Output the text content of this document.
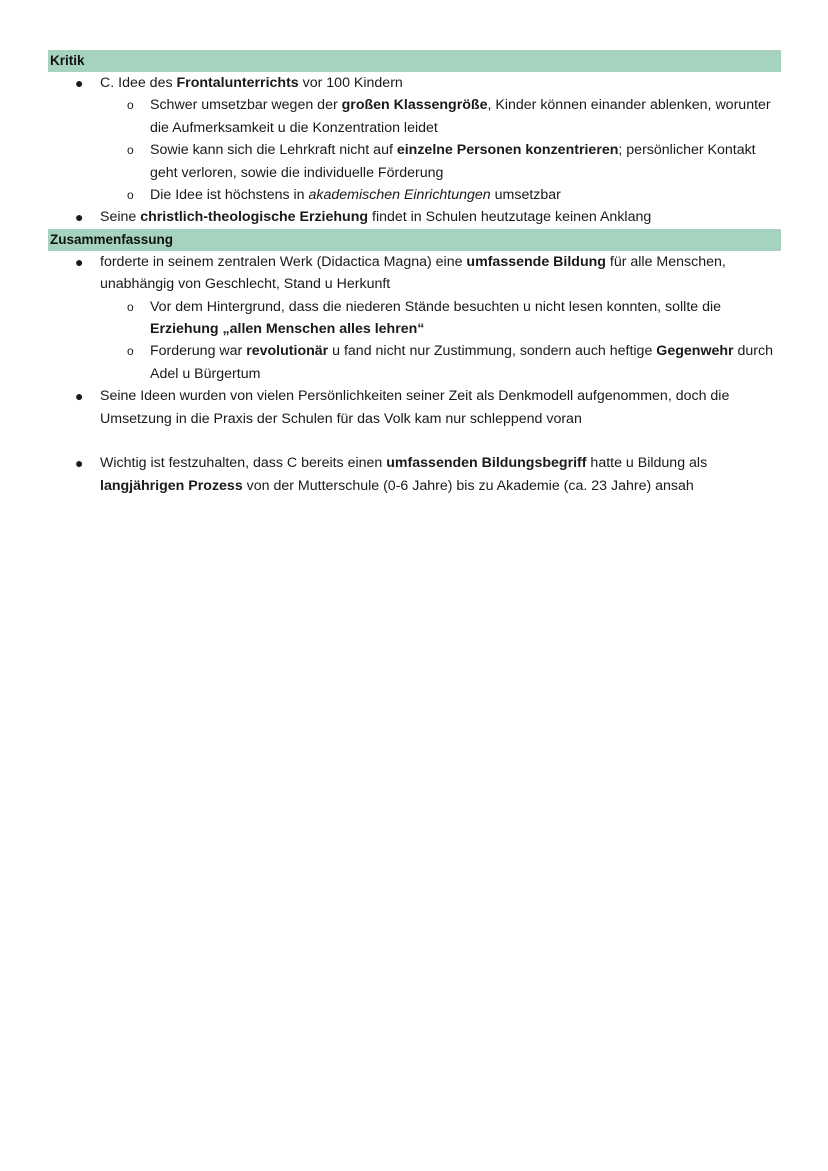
Kritik
● C. Idee des Frontalunterrichts vor 100 Kindern
o Schwer umsetzbar wegen der großen Klassengröße, Kinder können einander ablenken, worunter die Aufmerksamkeit u die Konzentration leidet
o Sowie kann sich die Lehrkraft nicht auf einzelne Personen konzentrieren; persönlicher Kontakt geht verloren, sowie die individuelle Förderung
o Die Idee ist höchstens in akademischen Einrichtungen umsetzbar
● Seine christlich-theologische Erziehung findet in Schulen heutzutage keinen Anklang
Zusammenfassung
● forderte in seinem zentralen Werk (Didactica Magna) eine umfassende Bildung für alle Menschen, unabhängig von Geschlecht, Stand u Herkunft
o Vor dem Hintergrund, dass die niederen Stände besuchten u nicht lesen konnten, sollte die Erziehung „allen Menschen alles lehren“
o Forderung war revolutionär u fand nicht nur Zustimmung, sondern auch heftige Gegenwehr durch Adel u Bürgertum
● Seine Ideen wurden von vielen Persönlichkeiten seiner Zeit als Denkmodell aufgenommen, doch die Umsetzung in die Praxis der Schulen für das Volk kam nur schleppend voran
● Wichtig ist festzuhalten, dass C bereits einen umfassenden Bildungsbegriff hatte u Bildung als langjährigen Prozess von der Mutterschule (0-6 Jahre) bis zu Akademie (ca. 23 Jahre) ansah
